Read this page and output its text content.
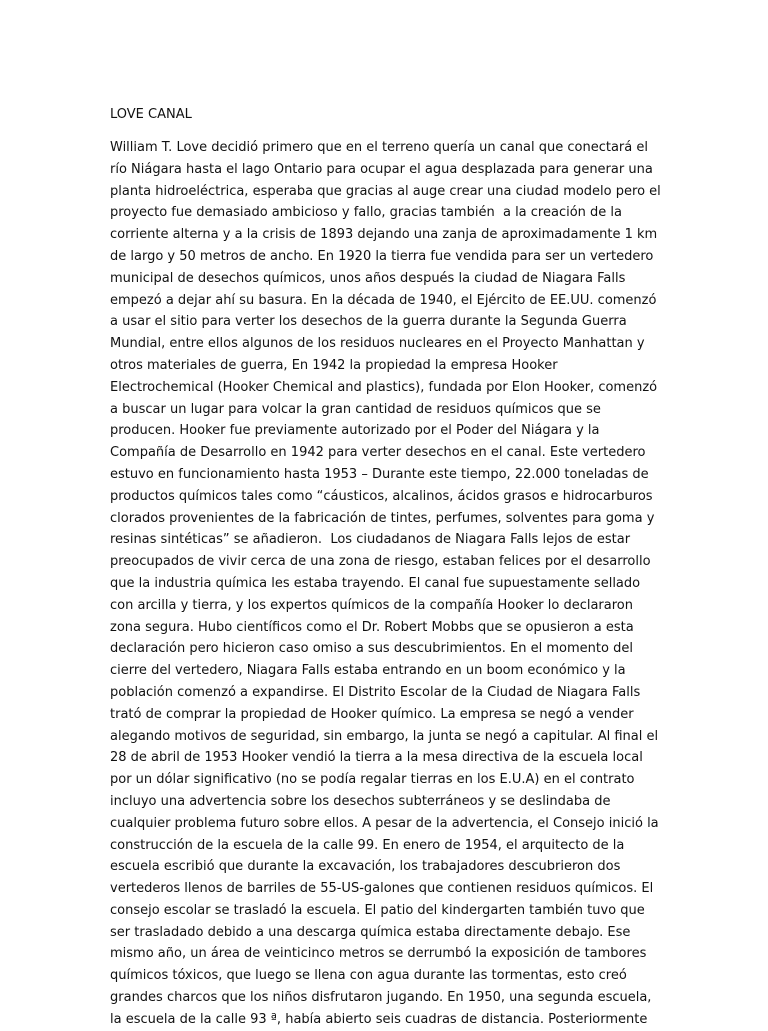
LOVE CANAL
William T. Love decidió primero que en el terreno quería un canal que conectará el
río Niágara hasta el lago Ontario para ocupar el agua desplazada para generar una
planta hidroeléctrica, esperaba que gracias al auge crear una ciudad modelo pero el
proyecto fue demasiado ambicioso y fallo, gracias también  a la creación de la
corriente alterna y a la crisis de 1893 dejando una zanja de aproximadamente 1 km
de largo y 50 metros de ancho. En 1920 la tierra fue vendida para ser un vertedero
municipal de desechos químicos, unos años después la ciudad de Niagara Falls
empezó a dejar ahí su basura. En la década de 1940, el Ejército de EE.UU. comenzó
a usar el sitio para verter los desechos de la guerra durante la Segunda Guerra
Mundial, entre ellos algunos de los residuos nucleares en el Proyecto Manhattan y
otros materiales de guerra, En 1942 la propiedad la empresa Hooker
Electrochemical (Hooker Chemical and plastics), fundada por Elon Hooker, comenzó
a buscar un lugar para volcar la gran cantidad de residuos químicos que se
producen. Hooker fue previamente autorizado por el Poder del Niágara y la
Compañía de Desarrollo en 1942 para verter desechos en el canal. Este vertedero
estuvo en funcionamiento hasta 1953 – Durante este tiempo, 22.000 toneladas de
productos químicos tales como “cáusticos, alcalinos, ácidos grasos e hidrocarburos
clorados provenientes de la fabricación de tintes, perfumes, solventes para goma y
resinas sintéticas” se añadieron.  Los ciudadanos de Niagara Falls lejos de estar
preocupados de vivir cerca de una zona de riesgo, estaban felices por el desarrollo
que la industria química les estaba trayendo. El canal fue supuestamente sellado
con arcilla y tierra, y los expertos químicos de la compañía Hooker lo declararon
zona segura. Hubo científicos como el Dr. Robert Mobbs que se opusieron a esta
declaración pero hicieron caso omiso a sus descubrimientos. En el momento del
cierre del vertedero, Niagara Falls estaba entrando en un boom económico y la
población comenzó a expandirse. El Distrito Escolar de la Ciudad de Niagara Falls
trató de comprar la propiedad de Hooker químico. La empresa se negó a vender
alegando motivos de seguridad, sin embargo, la junta se negó a capitular. Al final el
28 de abril de 1953 Hooker vendió la tierra a la mesa directiva de la escuela local
por un dólar significativo (no se podía regalar tierras en los E.U.A) en el contrato
incluyo una advertencia sobre los desechos subterráneos y se deslindaba de
cualquier problema futuro sobre ellos. A pesar de la advertencia, el Consejo inició la
construcción de la escuela de la calle 99. En enero de 1954, el arquitecto de la
escuela escribió que durante la excavación, los trabajadores descubrieron dos
vertederos llenos de barriles de 55-US-galones que contienen residuos químicos. El
consejo escolar se trasladó la escuela. El patio del kindergarten también tuvo que
ser trasladado debido a una descarga química estaba directamente debajo. Ese
mismo año, un área de veinticinco metros se derrumbó la exposición de tambores
químicos tóxicos, que luego se llena con agua durante las tormentas, esto creó
grandes charcos que los niños disfrutaron jugando. En 1950, una segunda escuela,
la escuela de la calle 93 ª, había abierto seis cuadras de distancia. Posteriormente
